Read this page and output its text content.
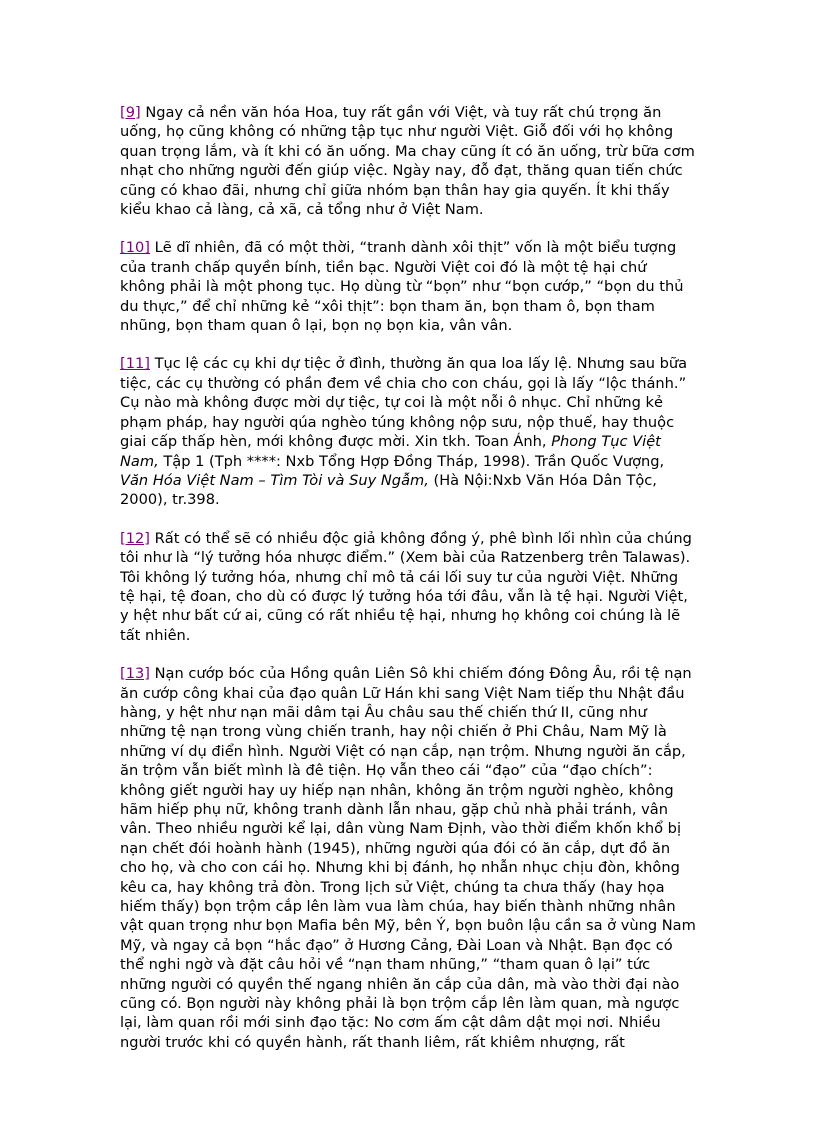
[9] Ngay cả nền văn hóa Hoa, tuy rất gần với Việt, và tuy rất chú trọng ăn uống, họ cũng không có những tập tục như người Việt. Giỗ đối với họ không quan trọng lắm, và ít khi có ăn uống. Ma chay cũng ít có ăn uống, trừ bữa cơm nhạt cho những người đến giúp việc. Ngày nay, đỗ đạt, thăng quan tiến chức cũng có khao đãi, nhưng chỉ giữa nhóm bạn thân hay gia quyến. Ít khi thấy kiểu khao cả làng, cả xã, cả tổng như ở Việt Nam.

[10] Lẽ dĩ nhiên, đã có một thời, “tranh dành xôi thịt” vốn là một biểu tượng của tranh chấp quyền bính, tiền bạc. Người Việt coi đó là một tệ hại chứ không phải là một phong tục. Họ dùng từ “bọn” như “bọn cướp,” “bọn du thủ du thực,” để chỉ những kẻ “xôi thịt”: bọn tham ăn, bọn tham ô, bọn tham nhũng, bọn tham quan ô lại, bọn nọ bọn kia, vân vân.

[11] Tục lệ các cụ khi dự tiệc ở đình, thường ăn qua loa lấy lệ. Nhưng sau bữa tiệc, các cụ thường có phần đem về chia cho con cháu, gọi là lấy “lộc thánh.” Cụ nào mà không được mời dự tiệc, tự coi là một nỗi ô nhục. Chỉ những kẻ phạm pháp, hay người qúa nghèo túng không nộp sưu, nộp thuế, hay thuộc giai cấp thấp hèn, mới không được mời. Xin tkh. Toan Ánh, Phong Tục Việt Nam, Tập 1 (Tph ****: Nxb Tổng Hợp Đồng Tháp, 1998). Trần Quốc Vượng, Văn Hóa Việt Nam – Tìm Tòi và Suy Ngẫm, (Hà Nội:Nxb Văn Hóa Dân Tộc, 2000), tr.398.

[12] Rất có thể sẽ có nhiều độc giả không đồng ý, phê bình lối nhìn của chúng tôi như là “lý tưởng hóa nhược điểm.” (Xem bài của Ratzenberg trên Talawas). Tôi không lý tưởng hóa, nhưng chỉ mô tả cái lối suy tư của người Việt. Những tệ hại, tệ đoan, cho dù có được lý tưởng hóa tới đâu, vẫn là tệ hại. Người Việt, y hệt như bất cứ ai, cũng có rất nhiều tệ hại, nhưng họ không coi chúng là lẽ tất nhiên.

[13] Nạn cướp bóc của Hồng quân Liên Sô khi chiếm đóng Đông Âu, rồi tệ nạn ăn cướp công khai của đạo quân Lữ Hán khi sang Việt Nam tiếp thu Nhật đầu hàng, y hệt như nạn mãi dâm tại Âu châu sau thế chiến thứ II, cũng như những tệ nạn trong vùng chiến tranh, hay nội chiến ở Phi Châu, Nam Mỹ là những ví dụ điển hình. Người Việt có nạn cắp, nạn trộm. Nhưng người ăn cắp, ăn trộm vẫn biết mình là đê tiện. Họ vẫn theo cái “đạo” của “đạo chích”: không giết người hay uy hiếp nạn nhân, không ăn trộm người nghèo, không hãm hiếp phụ nữ, không tranh dành lẫn nhau, gặp chủ nhà phải tránh, vân vân. Theo nhiều người kể lại, dân vùng Nam Định, vào thời điểm khốn khổ bị nạn chết đói hoành hành (1945), những người qúa đói có ăn cắp, dựt đồ ăn cho họ, và cho con cái họ. Nhưng khi bị đánh, họ nhẫn nhục chịu đòn, không kêu ca, hay không trả đòn. Trong lịch sử Việt, chúng ta chưa thấy (hay họa hiếm thấy) bọn trộm cắp lên làm vua làm chúa, hay biến thành những nhân vật quan trọng như bọn Mafia bên Mỹ, bên Ý, bọn buôn lậu cần sa ở vùng Nam Mỹ, và ngay cả bọn “hắc đạo” ở Hương Cảng, Đài Loan và Nhật. Bạn đọc có thể nghi ngờ và đặt câu hỏi về “nạn tham nhũng,” “tham quan ô lại” tức những người có quyền thế ngang nhiên ăn cắp của dân, mà vào thời đại nào cũng có. Bọn người này không phải là bọn trộm cắp lên làm quan, mà ngược lại, làm quan rồi mới sinh đạo tặc: No cơm ấm cật dâm dật mọi nơi. Nhiều người trước khi có quyền hành, rất thanh liêm, rất khiêm nhượng, rất
